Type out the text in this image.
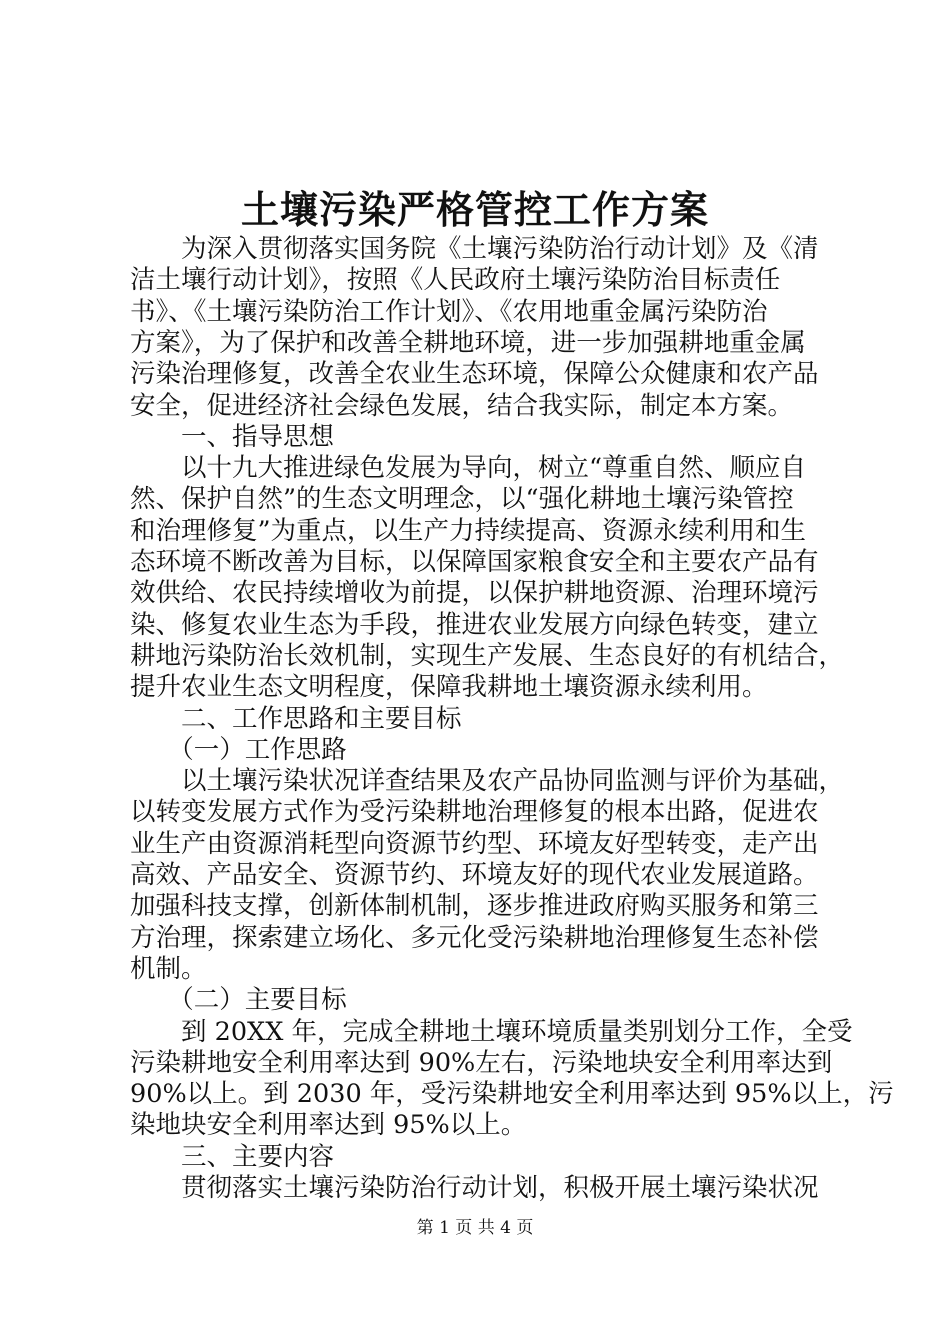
土壤污染严格管控工作方案

　　为深入贯彻落实国务院《土壤污染防治行动计划》及《清

洁土壤行动计划》，按照《人民政府土壤污染防治目标责任

书》、《土壤污染防治工作计划》、《农用地重金属污染防治

方案》，为了保护和改善全耕地环境，进一步加强耕地重金属

污染治理修复，改善全农业生态环境，保障公众健康和农产品

安全，促进经济社会绿色发展，结合我实际，制定本方案。

　　一、指导思想

　　以十九大推进绿色发展为导向，树立“尊重自然、顺应自

然、保护自然”的生态文明理念，以“强化耕地土壤污染管控

和治理修复”为重点，以生产力持续提高、资源永续利用和生

态环境不断改善为目标，以保障国家粮食安全和主要农产品有

效供给、农民持续增收为前提，以保护耕地资源、治理环境污

染、修复农业生态为手段，推进农业发展方向绿色转变，建立

耕地污染防治长效机制，实现生产发展、生态良好的有机结合，

提升农业生态文明程度，保障我耕地土壤资源永续利用。

　　二、工作思路和主要目标

　　（一）工作思路

　　以土壤污染状况详查结果及农产品协同监测与评价为基础，

以转变发展方式作为受污染耕地治理修复的根本出路，促进农

业生产由资源消耗型向资源节约型、环境友好型转变，走产出

高效、产品安全、资源节约、环境友好的现代农业发展道路。

加强科技支撑，创新体制机制，逐步推进政府购买服务和第三

方治理，探索建立场化、多元化受污染耕地治理修复生态补偿

机制。

　　（二）主要目标

　　到 20XX 年，完成全耕地土壤环境质量类别划分工作，全受

污染耕地安全利用率达到 90%左右，污染地块安全利用率达到

90%以上。到 2030 年，受污染耕地安全利用率达到 95%以上，污

染地块安全利用率达到 95%以上。

　　三、主要内容

　　贯彻落实土壤污染防治行动计划，积极开展土壤污染状况

第 1 页 共 4 页
